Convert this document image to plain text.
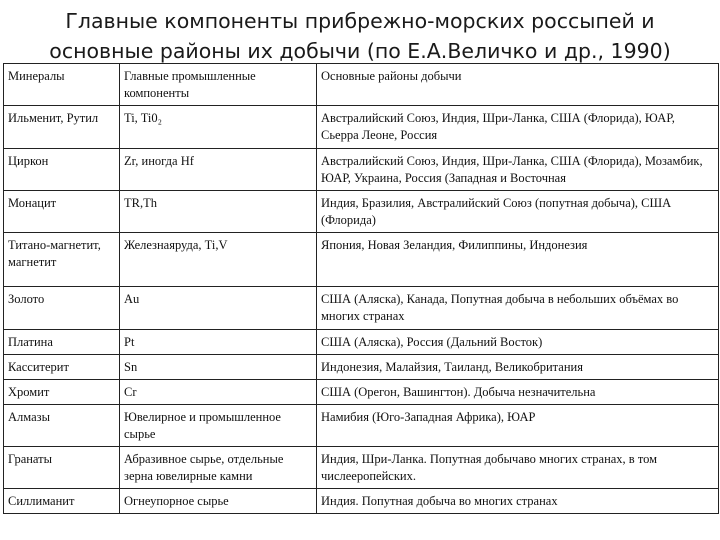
Главные компоненты прибрежно-морских россыпей и
основные районы их добычи (по Е.А.Величко и др., 1990)
Минералы	Главные промышленные компоненты	Основные районы добычи
Ильменит, Рутил	Ti, Ti0₂	Австралийский Союз, Индия, Шри-Ланка, США (Флорида), ЮАР, Сьерра Леоне, Россия
Циркон	Zr, иногда Hf	Австралийский Союз, Индия, Шри-Ланка, США (Флорида), Мозамбик, ЮАР, Украина, Россия (Западная и Восточная
Монацит	TR,Th	Индия, Бразилия, Австралийский Союз (попутная добыча), США (Флорида)
Титано-магнетит, магнетит	Железнаяруда, Ti,V	Япония, Новая Зеландия, Филиппины, Индонезия
Золото	Au	США (Аляска), Канада, Попутная добыча в небольших объёмах во многих странах
Платина	Pt	США (Аляска), Россия (Дальний Восток)
Касситерит	Sn	Индонезия, Малайзия, Таиланд, Великобритания
Хромит	Cr	США (Орегон, Вашингтон). Добыча незначительна
Алмазы	Ювелирное и промышленное сырье	Намибия (Юго-Западная Африка), ЮАР
Гранаты	Абразивное сырье, отдельные зерна ювелирные камни	Индия, Шри-Ланка. Попутная добычаво многих странах, в том числееропейских.
Силлиманит	Огнеупорное сырье	Индия. Попутная добыча во многих странах
